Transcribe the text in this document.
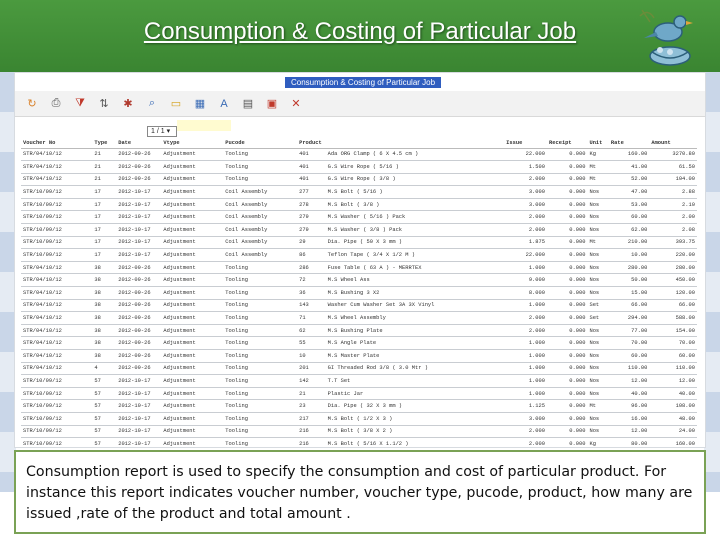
Consumption & Costing of Particular Job
Consumption & Costing of Particular Job
↻	⎙	⧩	⇅	✱	⌕	▭	▦	A	▤	▣	✕
1 / 1 ▾
Voucher No	Type	Date	Vtype	Pucode	Product		Issue	Receipt	Unit	Rate	Amount
STR/04/10/12	21	2012-09-26	Adjustment	Tooling	401	Ada ORG Clamp ( 6 X 4.5 cm )	22.000	0.000	Kg	160.00	3270.80
STR/04/10/12	21	2012-09-26	Adjustment	Tooling	401	G.S Wire Rope ( 5/16 )	1.500	0.000	Mt	41.00	61.50
STR/04/10/12	21	2012-09-26	Adjustment	Tooling	401	G.S Wire Rope ( 3/8 )	2.000	0.000	Mt	52.00	104.00
STR/10/09/12	17	2012-10-17	Adjustment	Coil Assembly	277	M.S Bolt ( 5/16 )	3.000	0.000	Nos	47.00	2.88
STR/10/09/12	17	2012-10-17	Adjustment	Coil Assembly	278	M.S Bolt ( 3/8 )	3.000	0.000	Nos	53.00	2.10
STR/10/09/12	17	2012-10-17	Adjustment	Coil Assembly	279	M.S Washer ( 5/16 ) Pack	2.000	0.000	Nos	60.00	2.00
STR/10/09/12	17	2012-10-17	Adjustment	Coil Assembly	279	M.S Washer ( 3/8 ) Pack	2.000	0.000	Nos	62.00	2.08
STR/10/09/12	17	2012-10-17	Adjustment	Coil Assembly	29	Dia. Pipe ( 50 X 3 mm )	1.875	0.000	Mt	210.00	393.75
STR/10/09/12	17	2012-10-17	Adjustment	Coil Assembly	86	Teflon Tape ( 3/4 X 1/2 M )	22.000	0.000	Nos	10.00	220.00
STR/04/10/12	38	2012-09-26	Adjustment	Tooling	286	Fuse Table ( 63 A ) - MERRTEX	1.000	0.000	Nos	280.00	280.00
STR/04/10/12	38	2012-09-26	Adjustment	Tooling	72	M.S Wheel Ass	9.000	0.000	Nos	50.00	450.00
STR/04/10/12	38	2012-09-26	Adjustment	Tooling	36	M.S Bushing 3 X2	8.000	0.000	Nos	15.00	120.00
STR/04/10/12	38	2012-09-26	Adjustment	Tooling	143	Washer Cum Washer Set 3A 3X Vinyl	1.000	0.000	Set	66.00	66.00
STR/04/10/12	38	2012-09-26	Adjustment	Tooling	71	M.S Wheel Assembly	2.000	0.000	Set	294.00	588.00
STR/04/10/12	38	2012-09-26	Adjustment	Tooling	62	M.S Bushing Plate	2.000	0.000	Nos	77.00	154.00
STR/04/10/12	38	2012-09-26	Adjustment	Tooling	55	M.S Angle Plate	1.000	0.000	Nos	70.00	70.00
STR/04/10/12	38	2012-09-26	Adjustment	Tooling	10	M.S Master Plate	1.000	0.000	Nos	60.00	60.00
STR/04/10/12	4	2012-09-26	Adjustment	Tooling	201	GI Threaded Rod 3/8 ( 3.0 Mtr )	1.000	0.000	Nos	110.00	110.00
STR/10/09/12	57	2012-10-17	Adjustment	Tooling	142	T.T Set	1.000	0.000	Nos	12.00	12.00
STR/10/09/12	57	2012-10-17	Adjustment	Tooling	21	Plastic Jar	1.000	0.000	Nos	40.00	40.00
STR/10/09/12	57	2012-10-17	Adjustment	Tooling	23	Dia. Pipe ( 32 X 3 mm )	1.125	0.000	Mt	96.00	108.00
STR/10/09/12	57	2012-10-17	Adjustment	Tooling	217	M.S Bolt ( 1/2 X 3 )	3.000	0.000	Nos	16.00	48.00
STR/10/09/12	57	2012-10-17	Adjustment	Tooling	216	M.S Bolt ( 3/8 X 2 )	2.000	0.000	Nos	12.00	24.00
STR/10/09/12	57	2012-10-17	Adjustment	Tooling	216	M.S Bolt ( 5/16 X 1.1/2 )	2.000	0.000	Kg	80.00	160.00

Consumption report is used to specify the consumption and cost of particular product. For instance this report indicates voucher number, voucher type, pucode, product, how many are issued ,rate of the product and total amount .
